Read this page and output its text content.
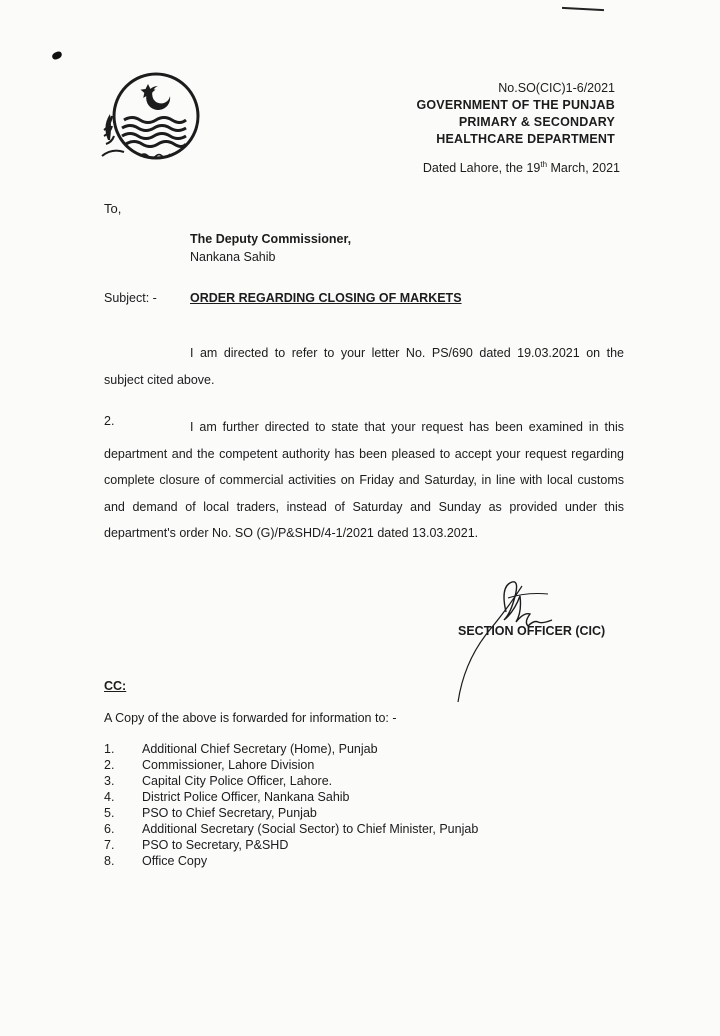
No.SO(CIC)1-6/2021
GOVERNMENT OF THE PUNJAB
PRIMARY & SECONDARY
HEALTHCARE DEPARTMENT
Dated Lahore, the 19th March, 2021
To,
The Deputy Commissioner,
Nankana Sahib
Subject: -	ORDER REGARDING CLOSING OF MARKETS
I am directed to refer to your letter No. PS/690 dated 19.03.2021 on the subject cited above.
2.	I am further directed to state that your request has been examined in this department and the competent authority has been pleased to accept your request regarding complete closure of commercial activities on Friday and Saturday, in line with local customs and demand of local traders, instead of Saturday and Sunday as provided under this department's order No. SO (G)/P&SHD/4-1/2021 dated 13.03.2021.
SECTION OFFICER (CIC)
CC:
A Copy of the above is forwarded for information to: -
1. Additional Chief Secretary (Home), Punjab
2. Commissioner, Lahore Division
3. Capital City Police Officer, Lahore.
4. District Police Officer, Nankana Sahib
5. PSO to Chief Secretary, Punjab
6. Additional Secretary (Social Sector) to Chief Minister, Punjab
7. PSO to Secretary, P&SHD
8. Office Copy
